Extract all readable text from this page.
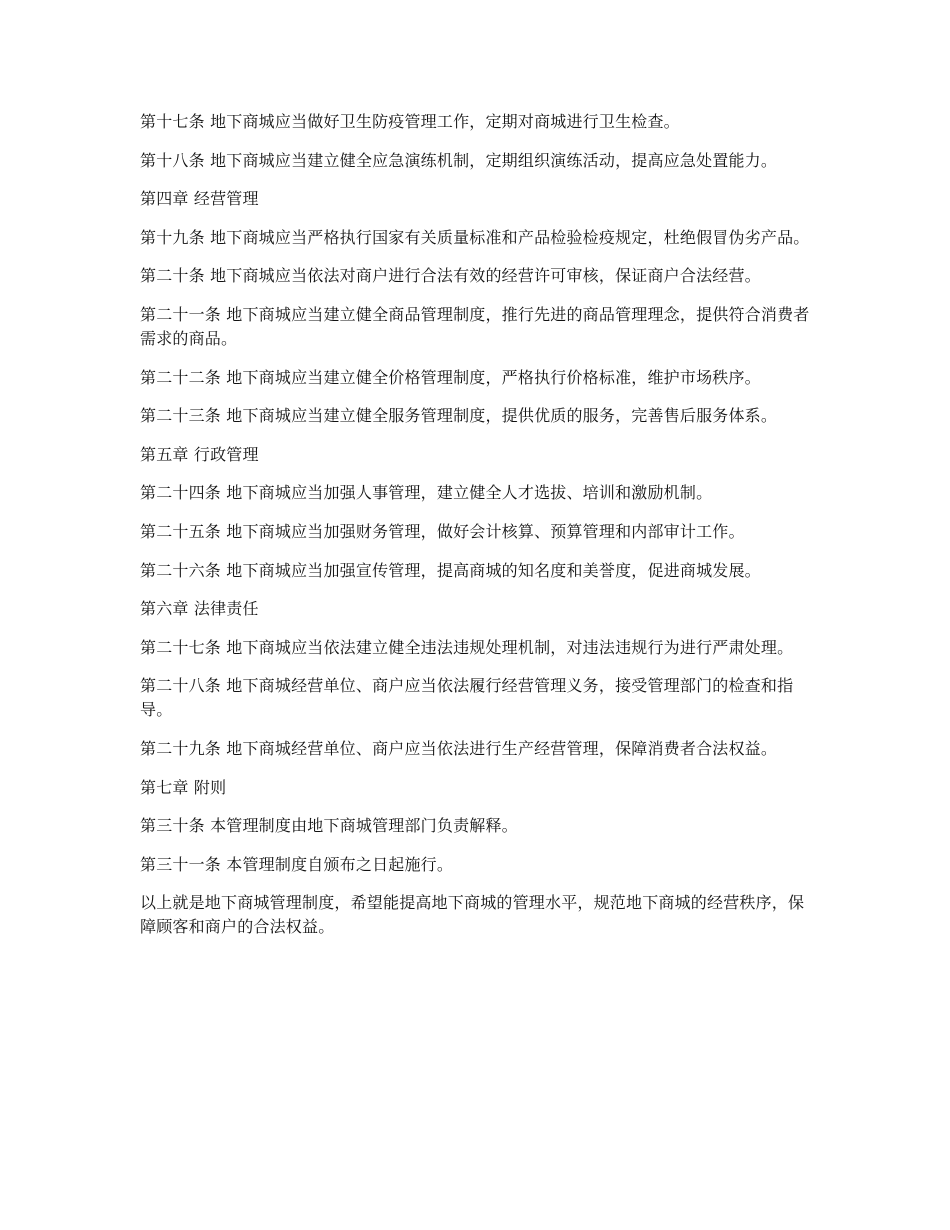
第十七条 地下商城应当做好卫生防疫管理工作，定期对商城进行卫生检查。

第十八条 地下商城应当建立健全应急演练机制，定期组织演练活动，提高应急处置能力。

第四章 经营管理

第十九条 地下商城应当严格执行国家有关质量标准和产品检验检疫规定，杜绝假冒伪劣产品。

第二十条 地下商城应当依法对商户进行合法有效的经营许可审核，保证商户合法经营。

第二十一条 地下商城应当建立健全商品管理制度，推行先进的商品管理理念，提供符合消费者需求的商品。

第二十二条 地下商城应当建立健全价格管理制度，严格执行价格标准，维护市场秩序。

第二十三条 地下商城应当建立健全服务管理制度，提供优质的服务，完善售后服务体系。

第五章 行政管理

第二十四条 地下商城应当加强人事管理，建立健全人才选拔、培训和激励机制。

第二十五条 地下商城应当加强财务管理，做好会计核算、预算管理和内部审计工作。

第二十六条 地下商城应当加强宣传管理，提高商城的知名度和美誉度，促进商城发展。

第六章 法律责任

第二十七条 地下商城应当依法建立健全违法违规处理机制，对违法违规行为进行严肃处理。

第二十八条 地下商城经营单位、商户应当依法履行经营管理义务，接受管理部门的检查和指导。

第二十九条 地下商城经营单位、商户应当依法进行生产经营管理，保障消费者合法权益。

第七章 附则

第三十条 本管理制度由地下商城管理部门负责解释。

第三十一条 本管理制度自颁布之日起施行。

以上就是地下商城管理制度，希望能提高地下商城的管理水平，规范地下商城的经营秩序，保障顾客和商户的合法权益。
